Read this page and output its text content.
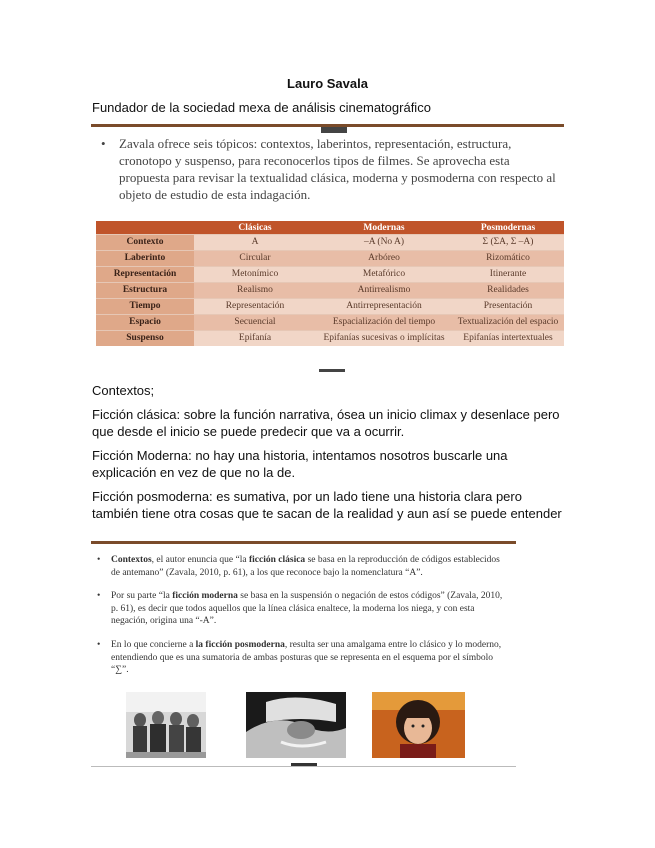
Lauro Savala
Fundador de la sociedad mexa de análisis cinematográfico
• Zavala ofrece seis tópicos: contextos, laberintos, representación, estructura, cronotopo y suspenso, para reconocerlos tipos de filmes. Se aprovecha esta propuesta para revisar la textualidad clásica, moderna y posmoderna con respecto al objeto de estudio de esta indagación.
	Clásicas	Modernas	Posmodernas
Contexto	A	–A (No A)	Σ (ΣA, Σ –A)
Laberinto	Circular	Arbóreo	Rizomático
Representación	Metonímico	Metafórico	Itinerante
Estructura	Realismo	Antirrealismo	Realidades
Tiempo	Representación	Antirrepresentación	Presentación
Espacio	Secuencial	Espacialización del tiempo	Textualización del espacio
Suspenso	Epifanía	Epifanías sucesivas o implícitas	Epifanías intertextuales
Contextos;
Ficción clásica: sobre la función narrativa, ósea un inicio climax y desenlace pero que desde el inicio se puede predecir que va a ocurrir.
Ficción Moderna: no hay una historia, intentamos nosotros buscarle una explicación en vez de que no la de.
Ficción posmoderna: es sumativa, por un lado tiene una historia clara pero también tiene otra cosas que te sacan de la realidad y aun así se puede entender
• Contextos, el autor enuncia que “la ficción clásica se basa en la reproducción de códigos establecidos de antemano” (Zavala, 2010, p. 61), a los que reconoce bajo la nomenclatura “A”.
• Por su parte “la ficción moderna se basa en la suspensión o negación de estos códigos” (Zavala, 2010, p. 61), es decir que todos aquellos que la línea clásica enaltece, la moderna los niega, y con esta negación, origina una “-A”.
• En lo que concierne a la ficción posmoderna, resulta ser una amalgama entre lo clásico y lo moderno, entendiendo que es una sumatoria de ambas posturas que se representa en el esquema por el símbolo “∑”.
